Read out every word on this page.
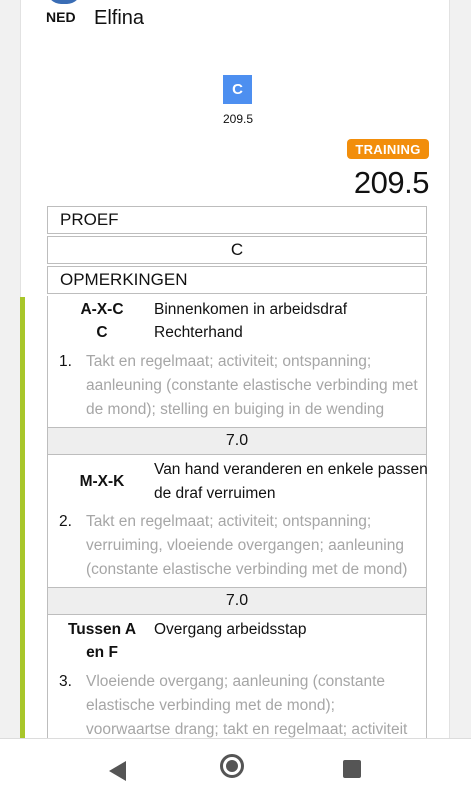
NED Elfina
C
209.5
TRAINING
209.5
PROEF
C
OPMERKINGEN
A-X-C
C
Binnenkomen in arbeidsdraf
Rechterhand
1. Takt en regelmaat; activiteit; ontspanning;
aanleuning (constante elastische verbinding met
de mond); stelling en buiging in de wending
7.0
M-X-K
Van hand veranderen en enkele passen
de draf verruimen
2. Takt en regelmaat; activiteit; ontspanning;
verruiming, vloeiende overgangen; aanleuning
(constante elastische verbinding met de mond)
7.0
Tussen A
en F
Overgang arbeidsstap
3. Vloeiende overgang; aanleuning (constante
elastische verbinding met de mond);
voorwaartse drang; takt en regelmaat; activiteit
